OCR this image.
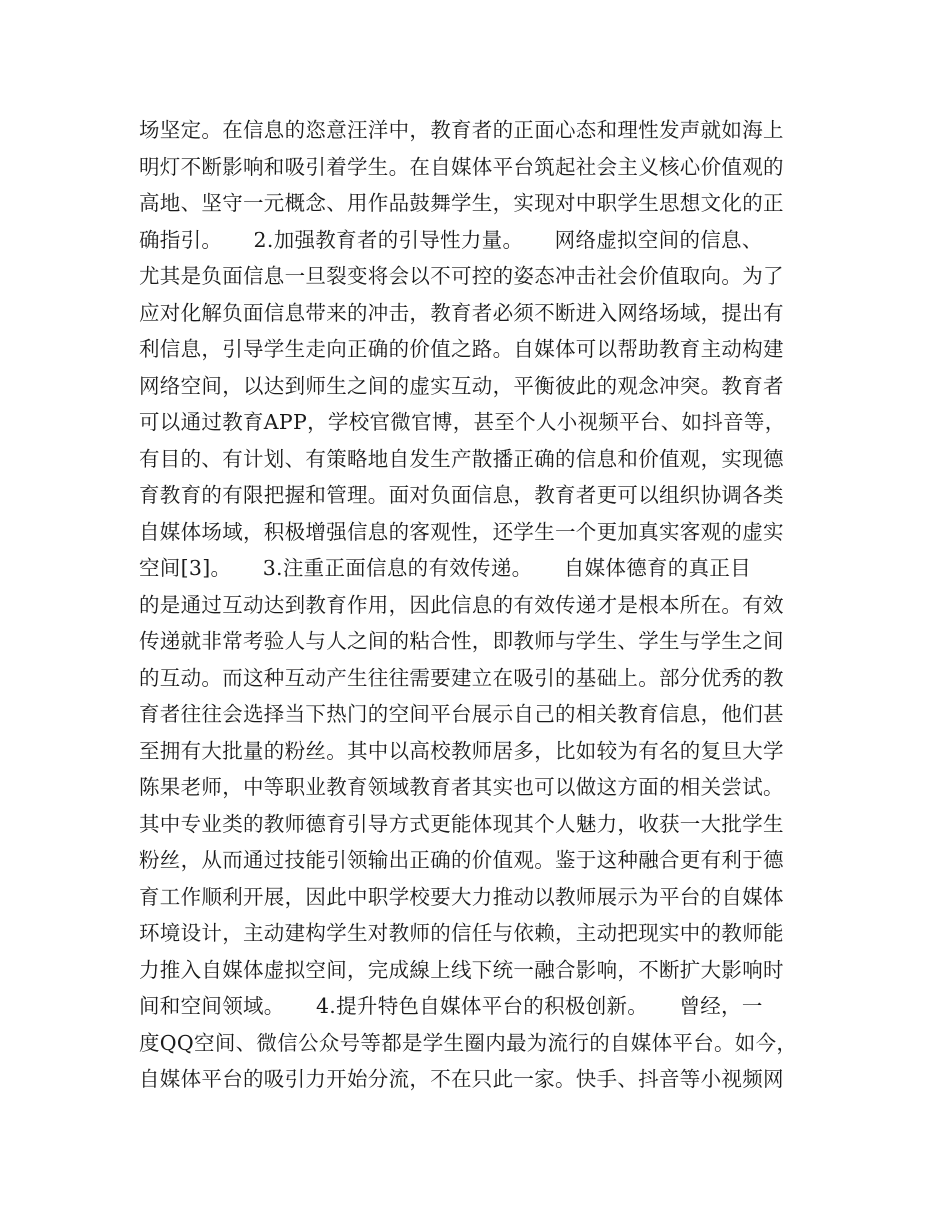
场坚定。在信息的恣意汪洋中，教育者的正面心态和理性发声就如海上
明灯不断影响和吸引着学生。在自媒体平台筑起社会主义核心价值观的
高地、坚守一元概念、用作品鼓舞学生，实现对中职学生思想文化的正
确指引。　　2.加强教育者的引导性力量。　　网络虚拟空间的信息、
尤其是负面信息一旦裂变将会以不可控的姿态冲击社会价值取向。为了
应对化解负面信息带来的冲击，教育者必须不断进入网络场域，提出有
利信息，引导学生走向正确的价值之路。自媒体可以帮助教育主动构建
网络空间，以达到师生之间的虚实互动，平衡彼此的观念冲突。教育者
可以通过教育APP，学校官微官博，甚至个人小视频平台、如抖音等，
有目的、有计划、有策略地自发生产散播正确的信息和价值观，实现德
育教育的有限把握和管理。面对负面信息，教育者更可以组织协调各类
自媒体场域，积极增强信息的客观性，还学生一个更加真实客观的虚实
空间[3]。　　3.注重正面信息的有效传递。　　自媒体德育的真正目
的是通过互动达到教育作用，因此信息的有效传递才是根本所在。有效
传递就非常考验人与人之间的粘合性，即教师与学生、学生与学生之间
的互动。而这种互动产生往往需要建立在吸引的基础上。部分优秀的教
育者往往会选择当下热门的空间平台展示自己的相关教育信息，他们甚
至拥有大批量的粉丝。其中以高校教师居多，比如较为有名的复旦大学
陈果老师，中等职业教育领域教育者其实也可以做这方面的相关尝试。
其中专业类的教师德育引导方式更能体现其个人魅力，收获一大批学生
粉丝，从而通过技能引领输出正确的价值观。鉴于这种融合更有利于德
育工作顺利开展，因此中职学校要大力推动以教师展示为平台的自媒体
环境设计，主动建构学生对教师的信任与依赖，主动把现实中的教师能
力推入自媒体虚拟空间，完成線上线下统一融合影响，不断扩大影响时
间和空间领域。　　4.提升特色自媒体平台的积极创新。　　曾经，一
度QQ空间、微信公众号等都是学生圈内最为流行的自媒体平台。如今，
自媒体平台的吸引力开始分流，不在只此一家。快手、抖音等小视频网
